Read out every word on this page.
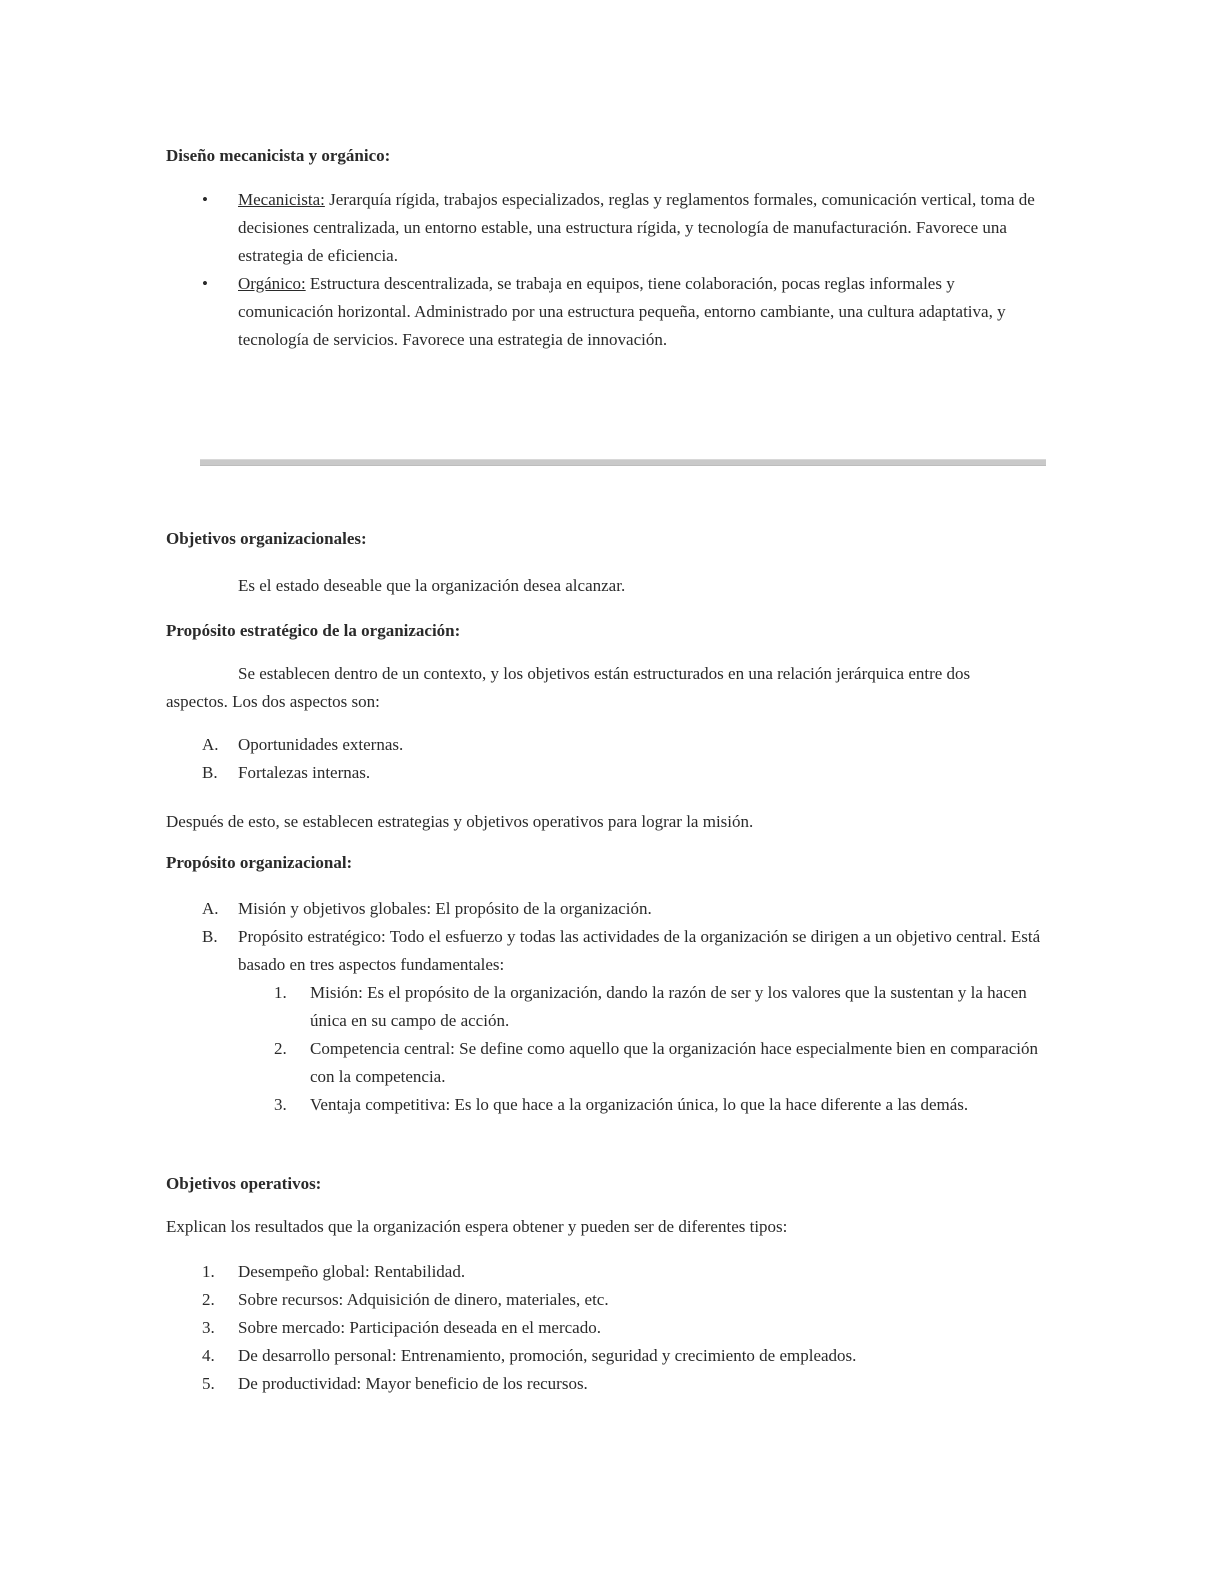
Diseño mecanicista y orgánico:
•	Mecanicista: Jerarquía rígida, trabajos especializados, reglas y reglamentos formales, comunicación vertical, toma de decisiones centralizada, un entorno estable, una estructura rígida, y tecnología de manufacturación. Favorece una estrategia de eficiencia.
•	Orgánico: Estructura descentralizada, se trabaja en equipos, tiene colaboración, pocas reglas informales y comunicación horizontal. Administrado por una estructura pequeña, entorno cambiante, una cultura adaptativa, y tecnología de servicios. Favorece una estrategia de innovación.
Objetivos organizacionales:

Es el estado deseable que la organización desea alcanzar.

Propósito estratégico de la organización:

Se establecen dentro de un contexto, y los objetivos están estructurados en una relación jerárquica entre dos aspectos. Los dos aspectos son:

A.	Oportunidades externas.
B.	Fortalezas internas.

Después de esto, se establecen estrategias y objetivos operativos para lograr la misión.

Propósito organizacional:
A.	Misión y objetivos globales: El propósito de la organización.
B.	Propósito estratégico: Todo el esfuerzo y todas las actividades de la organización se dirigen a un objetivo central. Está basado en tres aspectos fundamentales:
1.	Misión: Es el propósito de la organización, dando la razón de ser y los valores que la sustentan y la hacen única en su campo de acción.
2.	Competencia central: Se define como aquello que la organización hace especialmente bien en comparación con la competencia.
3.	Ventaja competitiva: Es lo que hace a la organización única, lo que la hace diferente a las demás.
Objetivos operativos:

Explican los resultados que la organización espera obtener y pueden ser de diferentes tipos:

1.	Desempeño global: Rentabilidad.
2.	Sobre recursos: Adquisición de dinero, materiales, etc.
3.	Sobre mercado: Participación deseada en el mercado.
4.	De desarrollo personal: Entrenamiento, promoción, seguridad y crecimiento de empleados.
5.	De productividad: Mayor beneficio de los recursos.
